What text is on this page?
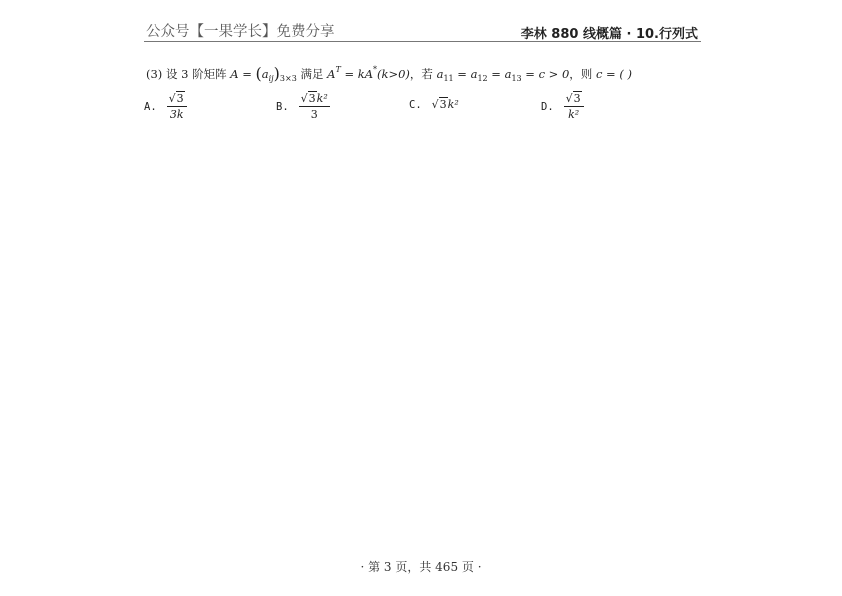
公众号【一果学长】免费分享	李林 880 线概篇 · 10.行列式
(3) 设 3 阶矩阵 $A = (a_{ij})_{3\times 3}$ 满足 $A^T = kA^*(k>0)$，若 $a_{11} = a_{12} = a_{13} = c > 0$，则 c = ( )
A. $\frac{√3}{3k}$	B. $\frac{\text{√3k²}}{3}$	C. √3k²	D. $\frac{√3}{\text{k²}}$
· 第 3 页，共 465 页 ·
